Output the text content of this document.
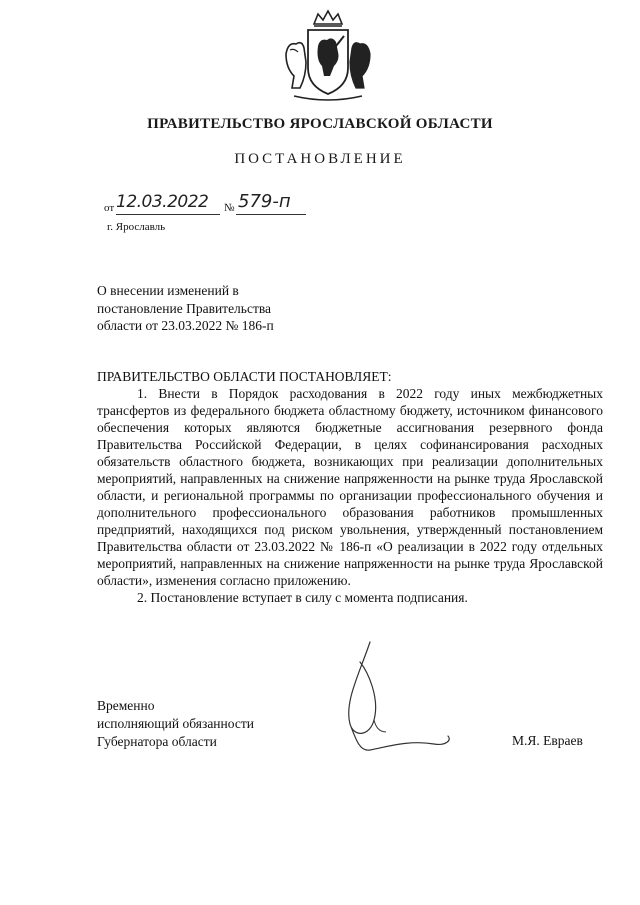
ПРАВИТЕЛЬСТВО ЯРОСЛАВСКОЙ ОБЛАСТИ
ПОСТАНОВЛЕНИЕ
от 12.03.2022 № 579-п
г. Ярославль
О внесении изменений в
постановление Правительства
области от 23.03.2022 № 186-п
ПРАВИТЕЛЬСТВО ОБЛАСТИ ПОСТАНОВЛЯЕТ:

1. Внести в Порядок расходования в 2022 году иных межбюджетных трансфертов из федерального бюджета областному бюджету, источником финансового обеспечения которых являются бюджетные ассигнования резервного фонда Правительства Российской Федерации, в целях софинансирования расходных обязательств областного бюджета, возникающих при реализации дополнительных мероприятий, направленных на снижение напряженности на рынке труда Ярославской области, и региональной программы по организации профессионального обучения и дополнительного профессионального образования работников промышленных предприятий, находящихся под риском увольнения, утвержденный постановлением Правительства области от 23.03.2022 № 186-п «О реализации в 2022 году отдельных мероприятий, направленных на снижение напряженности на рынке труда Ярославской области», изменения согласно приложению.

2. Постановление вступает в силу с момента подписания.

Временно
исполняющий обязанности
Губернатора области	М.Я. Евраев
